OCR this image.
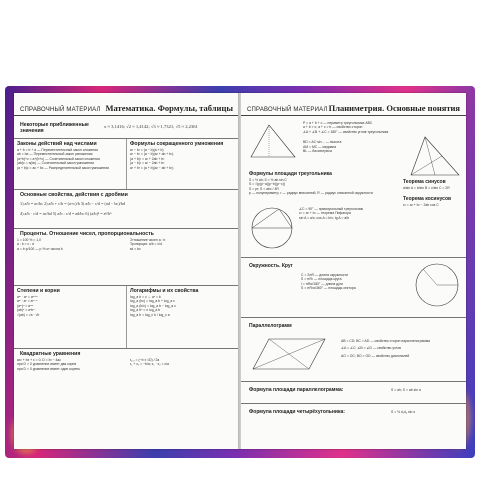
СПРАВОЧНЫЙ МАТЕРИАЛ Математика. Формулы, таблицы
Некоторые приближенные значения
π ≈ 3,1416; √2 ≈ 1,4142; √3 ≈ 1,7321; √5 ≈ 2,2361
Законы действий над числами
a + b = b + a — Переместительный закон сложения
ab = ba — Переместительный закон умножения
(a+b)+c = a+(b+c) — Сочетательный закон сложения
(ab)c = a(bc) — Сочетательный закон умножения
(a + b)c = ac + bc — Распределительный закон умножения
Формулы сокращенного умножения
a² − b² = (a − b)(a + b)
a³ − b³ = (a − b)(a² + ab + b²)
(a + b)² = a² + 2ab + b²
(a − b)² = a² − 2ab + b²
a³ + b³ = (a + b)(a² − ab + b²)
Основные свойства, действия с дробями
1) a/b = ac/bc 2) a/b + c/b = (a+c)/b 3) a/b − c/d = (ad − bc)/bd
4) a/b · c/d = ac/bd 5) a/b : c/d = ad/bc 6) (a/b)ⁿ = aⁿ/bⁿ
Проценты. Отношение чисел, пропорциональность
1 = 100 % = 1,0
a : b = c : d
a = b·p/100 — p % от числа b
Отношение чисел a : b
Пропорция: a/b = c/d
ad = bc
Степени и корни
aᵐ · aⁿ = aᵐ⁺ⁿ
aᵐ : aⁿ = aᵐ⁻ⁿ
(aᵐ)ⁿ = aᵐⁿ
(ab)ⁿ = aⁿbⁿ
√(ab) = √a · √b
Логарифмы и их свойства
log_a b = c ⇔ aᶜ = b
log_a (bc) = log_a b + log_a c
log_a (b/c) = log_a b − log_a c
log_a bⁿ = n log_a b
log_a b = log_c b / log_c a
Квадратные уравнения
ax² + bx + c = 0, D = b² − 4ac
при D > 0 уравнение имеет два корня
при D = 0 уравнение имеет один корень
x₁,₂ = (−b ± √D) / 2a
x₁ + x₂ = −b/a; x₁ · x₂ = c/a
СПРАВОЧНЫЙ МАТЕРИАЛ Планиметрия. Основные понятия
P = a + b + c — периметр треугольника ABC
a + b > c; a + c > b — свойство сторон
∠A + ∠B + ∠C = 180° — свойство углов треугольника
BD = AC·sin… — высота
AM = MC — медиана
BL — биссектриса
Формулы площади треугольника
S = ½ ah; S = ½ ab sin C
S = √(p(p−a)(p−b)(p−c))
S = pr; S = abc / 4R
p — полупериметр, r — радиус вписанной, R — радиус описанной окружности
Теорема синусов
a/sin A = b/sin B = c/sin C = 2R
Теорема косинусов
c² = a² + b² − 2ab cos C
∠C = 90° — прямоугольный треугольник
c² = a² + b² — теорема Пифагора
sin A = a/c; cos A = b/c; tg A = a/b
Окружность. Круг
C = 2πR — длина окружности
S = πR² — площадь круга
l = πRα/180° — длина дуги
S = πR²α/360° — площадь сектора
Параллелограмм
AB = CD; BC = AD — свойство сторон параллелограмма
∠A = ∠C; ∠B = ∠D — свойство углов
AO = OC; BO = OD — свойство диагоналей
Формула площади параллелограмма:	S = ah; S = ab sin α
Формула площади четырёхугольника:	S = ½ d₁d₂ sin α
